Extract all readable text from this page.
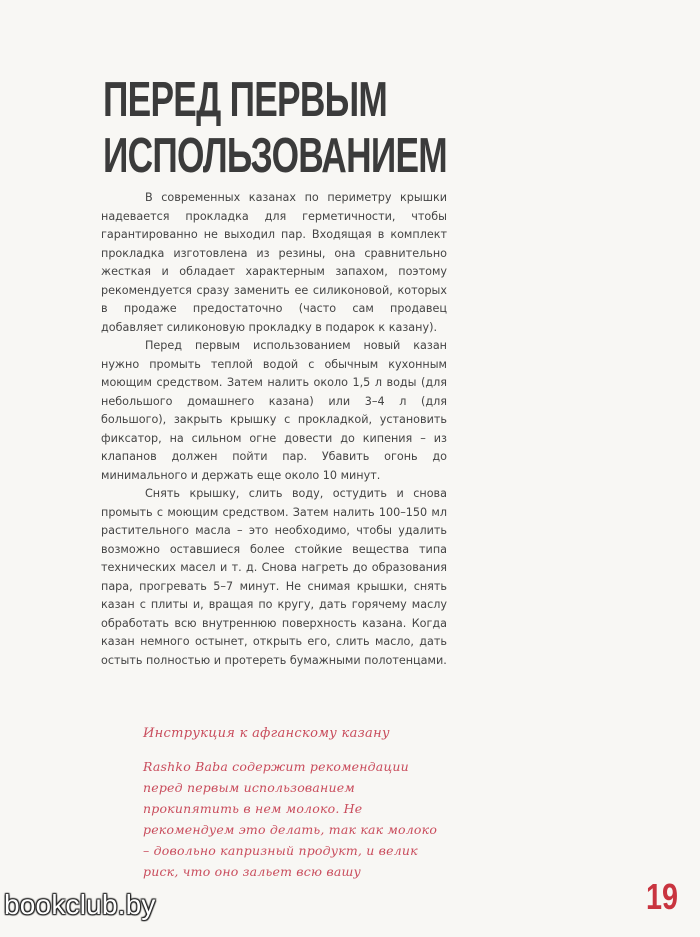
ПЕРЕД ПЕРВЫМ
ИСПОЛЬЗОВАНИЕМ

В современных казанах по периметру крышки надевается прокладка для герметичности, чтобы гарантированно не выходил пар. Входящая в комплект прокладка изготовлена из резины, она сравнительно жесткая и обладает характерным запахом, поэтому рекомендуется сразу заменить ее силиконовой, которых в продаже предостаточно (часто сам продавец добавляет силиконовую прокладку в подарок к казану).

Перед первым использованием новый казан нужно промыть теплой водой с обычным кухонным моющим средством. Затем налить около 1,5 л воды (для небольшого домашнего казана) или 3–4 л (для большого), закрыть крышку с прокладкой, установить фиксатор, на сильном огне довести до кипения – из клапанов должен пойти пар. Убавить огонь до минимального и держать еще около 10 минут.

Снять крышку, слить воду, остудить и снова промыть с моющим средством. Затем налить 100–150 мл растительного масла – это необходимо, чтобы удалить возможно оставшиеся более стойкие вещества типа технических масел и т. д. Снова нагреть до образования пара, прогревать 5–7 минут. Не снимая крышки, снять казан с плиты и, вращая по кругу, дать горячему маслу обработать всю внутреннюю поверхность казана. Когда казан немного остынет, открыть его, слить масло, дать остыть полностью и протереть бумажными полотенцами.

Инструкция к афганскому казану
Rashko Baba содержит рекомендации перед первым использованием прокипятить в нем молоко. Не рекомендуем это делать, так как молоко – довольно капризный продукт, и велик риск, что оно зальет всю вашу
19
bookclub.by
